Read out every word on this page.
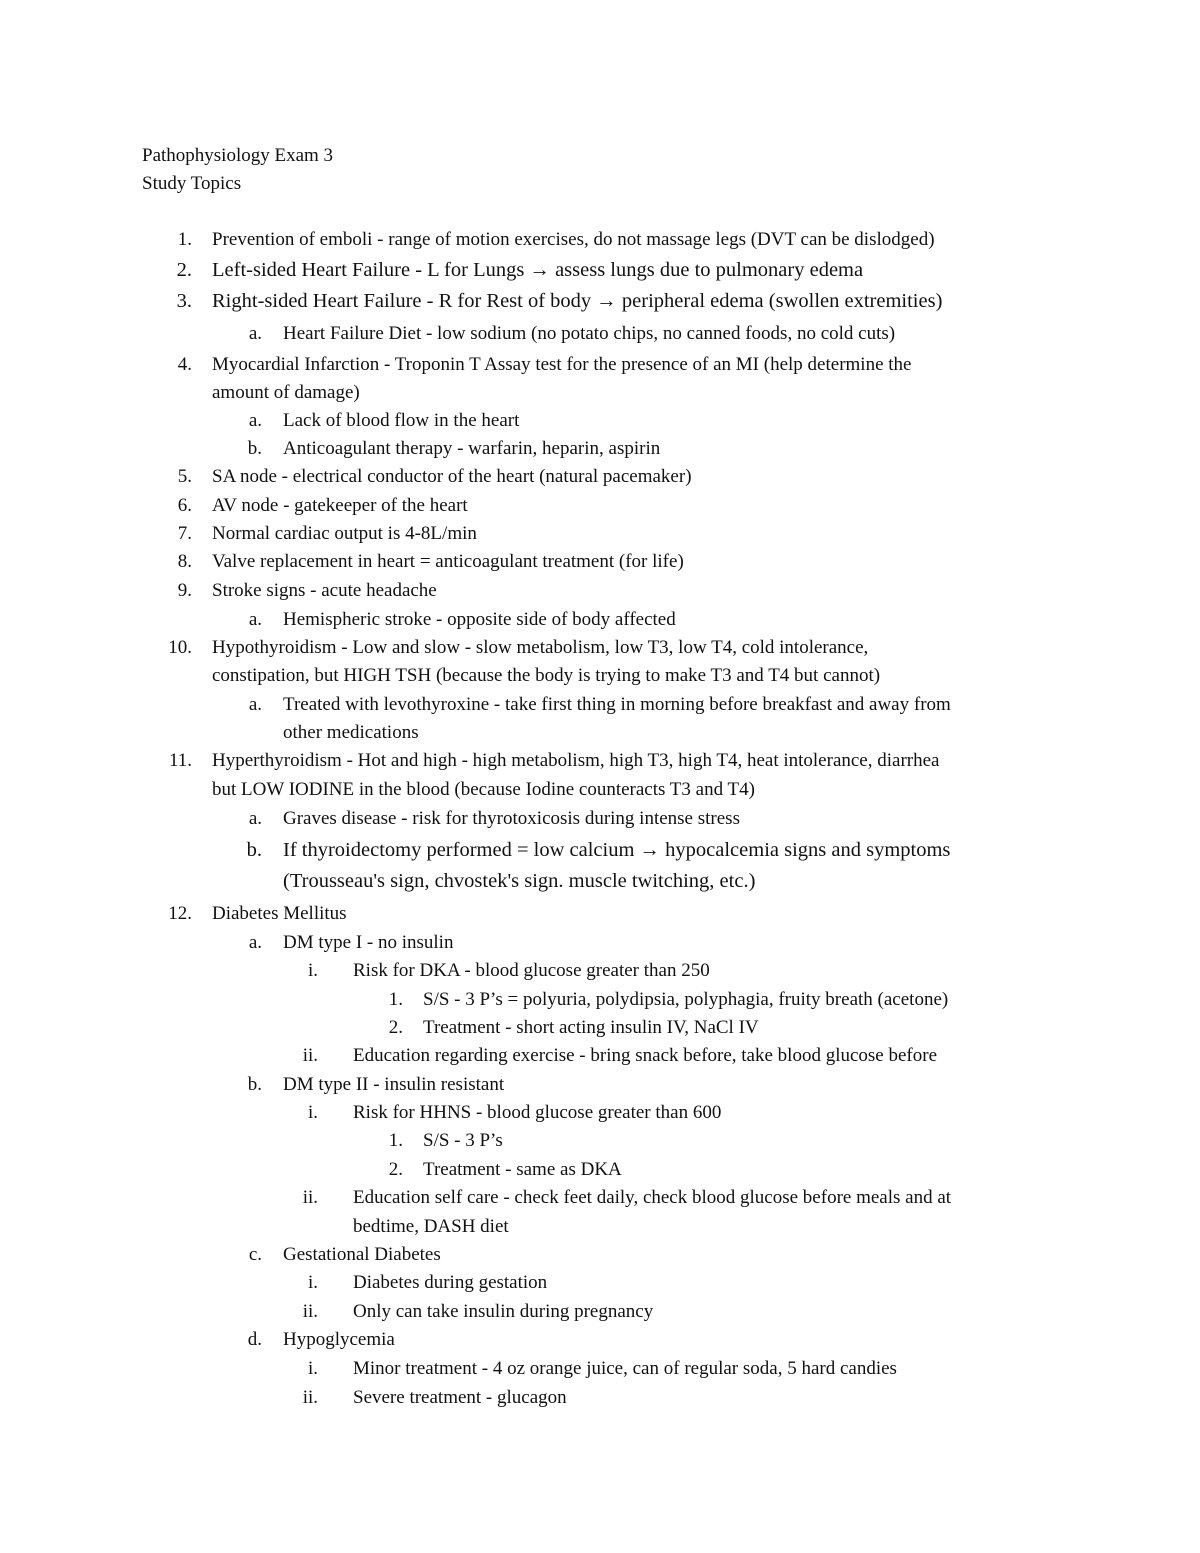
Pathophysiology Exam 3
Study Topics
1. Prevention of emboli - range of motion exercises, do not massage legs (DVT can be dislodged)
2. Left-sided Heart Failure - L for Lungs → assess lungs due to pulmonary edema
3. Right-sided Heart Failure - R for Rest of body → peripheral edema (swollen extremities)
a. Heart Failure Diet - low sodium (no potato chips, no canned foods, no cold cuts)
4. Myocardial Infarction - Troponin T Assay test for the presence of an MI (help determine the
amount of damage)
a. Lack of blood flow in the heart
b. Anticoagulant therapy - warfarin, heparin, aspirin
5. SA node - electrical conductor of the heart (natural pacemaker)
6. AV node - gatekeeper of the heart
7. Normal cardiac output is 4-8L/min
8. Valve replacement in heart = anticoagulant treatment (for life)
9. Stroke signs - acute headache
a. Hemispheric stroke - opposite side of body affected
10. Hypothyroidism - Low and slow - slow metabolism, low T3, low T4, cold intolerance,
constipation, but HIGH TSH (because the body is trying to make T3 and T4 but cannot)
a. Treated with levothyroxine - take first thing in morning before breakfast and away from
other medications
11. Hyperthyroidism - Hot and high - high metabolism, high T3, high T4, heat intolerance, diarrhea
but LOW IODINE in the blood (because Iodine counteracts T3 and T4)
a. Graves disease - risk for thyrotoxicosis during intense stress
b. If thyroidectomy performed = low calcium → hypocalcemia signs and symptoms
(Trousseau's sign, chvostek's sign. muscle twitching, etc.)
12. Diabetes Mellitus
a. DM type I - no insulin
i. Risk for DKA - blood glucose greater than 250
1. S/S - 3 P’s = polyuria, polydipsia, polyphagia, fruity breath (acetone)
2. Treatment - short acting insulin IV, NaCl IV
ii. Education regarding exercise - bring snack before, take blood glucose before
b. DM type II - insulin resistant
i. Risk for HHNS - blood glucose greater than 600
1. S/S - 3 P’s
2. Treatment - same as DKA
ii. Education self care - check feet daily, check blood glucose before meals and at
bedtime, DASH diet
c. Gestational Diabetes
i. Diabetes during gestation
ii. Only can take insulin during pregnancy
d. Hypoglycemia
i. Minor treatment - 4 oz orange juice, can of regular soda, 5 hard candies
ii. Severe treatment - glucagon
